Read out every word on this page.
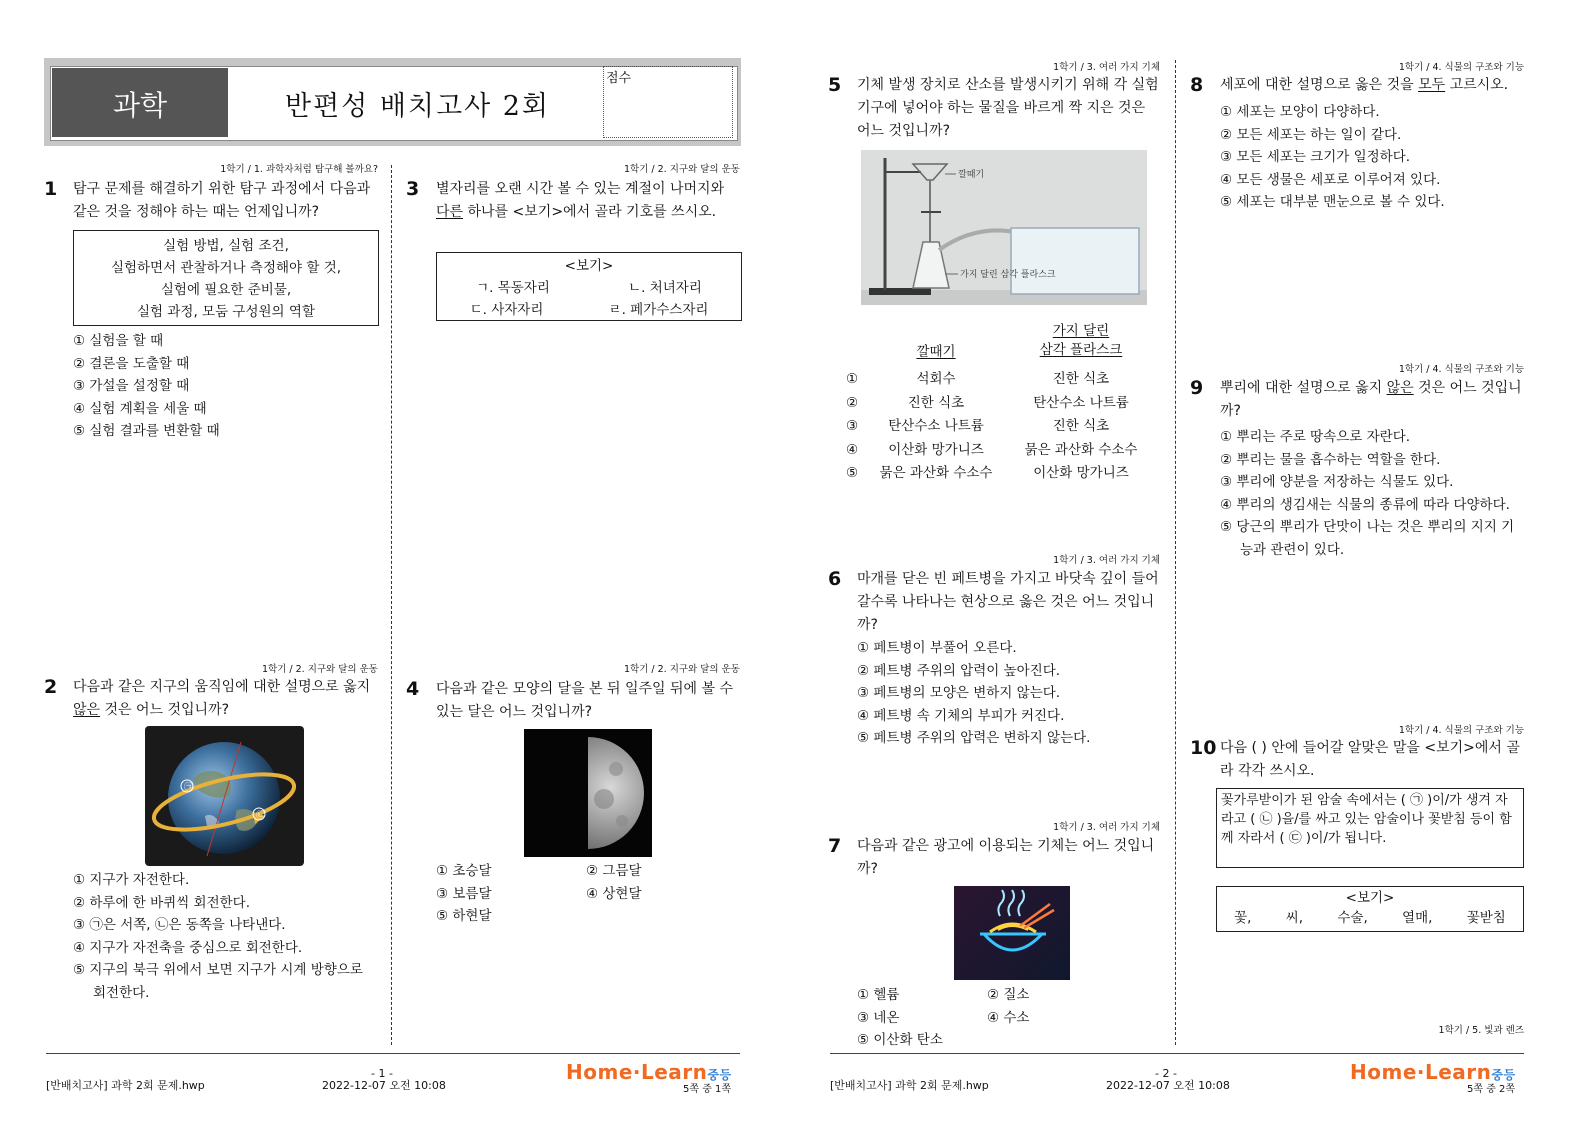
과학	반편성 배치고사 2회
점수
1학기 / 1. 과학자처럼 탐구해 볼까요?
1 탐구 문제를 해결하기 위한 탐구 과정에서 다음과 같은 것을 정해야 하는 때는 언제입니까?
실험 방법, 실험 조건,
실험하면서 관찰하거나 측정해야 할 것,
실험에 필요한 준비물,
실험 과정, 모둠 구성원의 역할
① 실험을 할 때
② 결론을 도출할 때
③ 가설을 설정할 때
④ 실험 계획을 세울 때
⑤ 실험 결과를 변환할 때
1학기 / 2. 지구와 달의 운동
2 다음과 같은 지구의 움직임에 대한 설명으로 옳지 않은 것은 어느 것입니까?
㉠
㉡
① 지구가 자전한다.
② 하루에 한 바퀴씩 회전한다.
③ ㉠은 서쪽, ㉡은 동쪽을 나타낸다.
④ 지구가 자전축을 중심으로 회전한다.
⑤ 지구의 북극 위에서 보면 지구가 시계 방향으로 회전한다.
1학기 / 2. 지구와 달의 운동
3 별자리를 오랜 시간 볼 수 있는 계절이 나머지와 다른 하나를 <보기>에서 골라 기호를 쓰시오.
<보기>
ㄱ. 목동자리	ㄴ. 처녀자리
ㄷ. 사자자리	ㄹ. 페가수스자리
1학기 / 2. 지구와 달의 운동
4 다음과 같은 모양의 달을 본 뒤 일주일 뒤에 볼 수 있는 달은 어느 것입니까?
① 초승달	② 그믐달
③ 보름달	④ 상현달
⑤ 하현달
- 1 -
[반배치고사] 과학 2회 문제.hwp	2022-12-07 오전 10:08
Home·Learn중등
5쪽 중 1쪽
1학기 / 3. 여러 가지 기체
5 기체 발생 장치로 산소를 발생시키기 위해 각 실험 기구에 넣어야 하는 물질을 바르게 짝 지은 것은 어느 것입니까?
깔때기
가지 달린 삼각 플라스크
깔때기
가지 달린
삼각 플라스크
①	석회수	진한 식초
②	진한 식초	탄산수소 나트륨
③	탄산수소 나트륨	진한 식초
④	이산화 망가니즈	묽은 과산화 수소수
⑤	묽은 과산화 수소수	이산화 망가니즈
1학기 / 3. 여러 가지 기체
6 마개를 닫은 빈 페트병을 가지고 바닷속 깊이 들어갈수록 나타나는 현상으로 옳은 것은 어느 것입니까?
① 페트병이 부풀어 오른다.
② 페트병 주위의 압력이 높아진다.
③ 페트병의 모양은 변하지 않는다.
④ 페트병 속 기체의 부피가 커진다.
⑤ 페트병 주위의 압력은 변하지 않는다.
1학기 / 3. 여러 가지 기체
7 다음과 같은 광고에 이용되는 기체는 어느 것입니까?
① 헬륨	② 질소
③ 네온	④ 수소
⑤ 이산화 탄소
1학기 / 4. 식물의 구조와 기능
8 세포에 대한 설명으로 옳은 것을 모두 고르시오.
① 세포는 모양이 다양하다.
② 모든 세포는 하는 일이 같다.
③ 모든 세포는 크기가 일정하다.
④ 모든 생물은 세포로 이루어져 있다.
⑤ 세포는 대부분 맨눈으로 볼 수 있다.
1학기 / 4. 식물의 구조와 기능
9 뿌리에 대한 설명으로 옳지 않은 것은 어느 것입니까?
① 뿌리는 주로 땅속으로 자란다.
② 뿌리는 물을 흡수하는 역할을 한다.
③ 뿌리에 양분을 저장하는 식물도 있다.
④ 뿌리의 생김새는 식물의 종류에 따라 다양하다.
⑤ 당근의 뿌리가 단맛이 나는 것은 뿌리의 지지 기능과 관련이 있다.
1학기 / 4. 식물의 구조와 기능
10 다음 ( ) 안에 들어갈 알맞은 말을 <보기>에서 골라 각각 쓰시오.
꽃가루받이가 된 암술 속에서는 ( ㉠ )이/가 생겨 자라고 ( ㉡ )을/를 싸고 있는 암술이나 꽃받침 등이 함께 자라서 ( ㉢ )이/가 됩니다.
<보기>
꽃,	씨,	수술,	열매,	꽃받침
1학기 / 5. 빛과 렌즈
- 2 -
[반배치고사] 과학 2회 문제.hwp	2022-12-07 오전 10:08
Home·Learn중등
5쪽 중 2쪽
